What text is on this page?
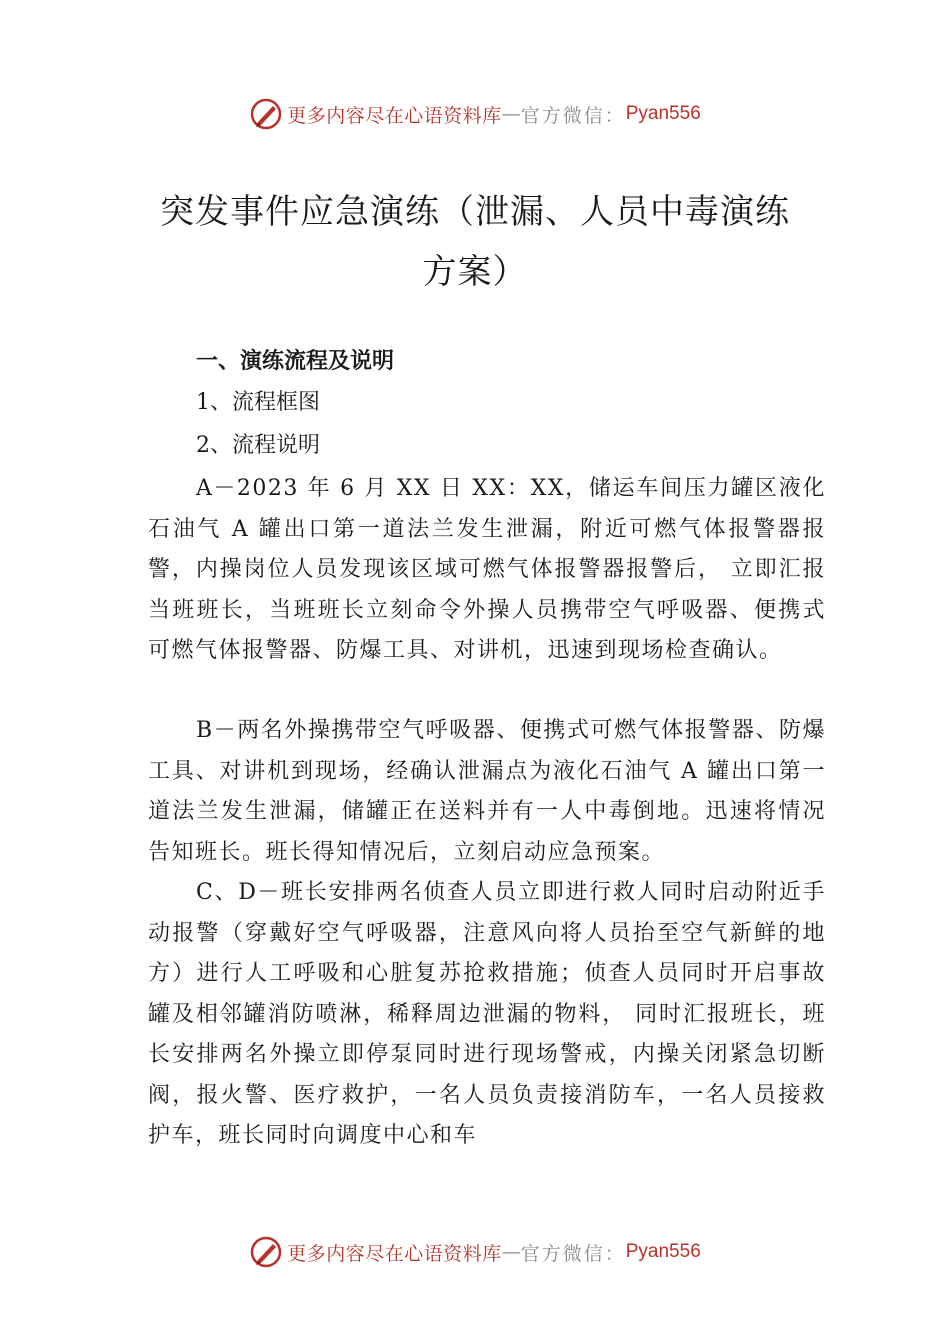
更多内容尽在心语资料库 — 官方微信： Pyan556
突发事件应急演练（泄漏、人员中毒演练
方案）
一、演练流程及说明
1、流程框图
2、流程说明

A－2023 年 6 月 XX 日 XX：XX，储运车间压力罐区液化石油气 A 罐出口第一道法兰发生泄漏，附近可燃气体报警器报警，内操岗位人员发现该区域可燃气体报警器报警后， 立即汇报当班班长，当班班长立刻命令外操人员携带空气呼吸器、便携式可燃气体报警器、防爆工具、对讲机，迅速到现场检查确认。

B－两名外操携带空气呼吸器、便携式可燃气体报警器、防爆工具、对讲机到现场，经确认泄漏点为液化石油气 A 罐出口第一道法兰发生泄漏，储罐正在送料并有一人中毒倒地。迅速将情况告知班长。班长得知情况后，立刻启动应急预案。

C、D－班长安排两名侦查人员立即进行救人同时启动附近手动报警（穿戴好空气呼吸器，注意风向将人员抬至空气新鲜的地方）进行人工呼吸和心脏复苏抢救措施；侦查人员同时开启事故罐及相邻罐消防喷淋，稀释周边泄漏的物料， 同时汇报班长，班长安排两名外操立即停泵同时进行现场警戒，内操关闭紧急切断阀，报火警、医疗救护，一名人员负责接消防车，一名人员接救护车，班长同时向调度中心和车

更多内容尽在心语资料库 — 官方微信： Pyan556
